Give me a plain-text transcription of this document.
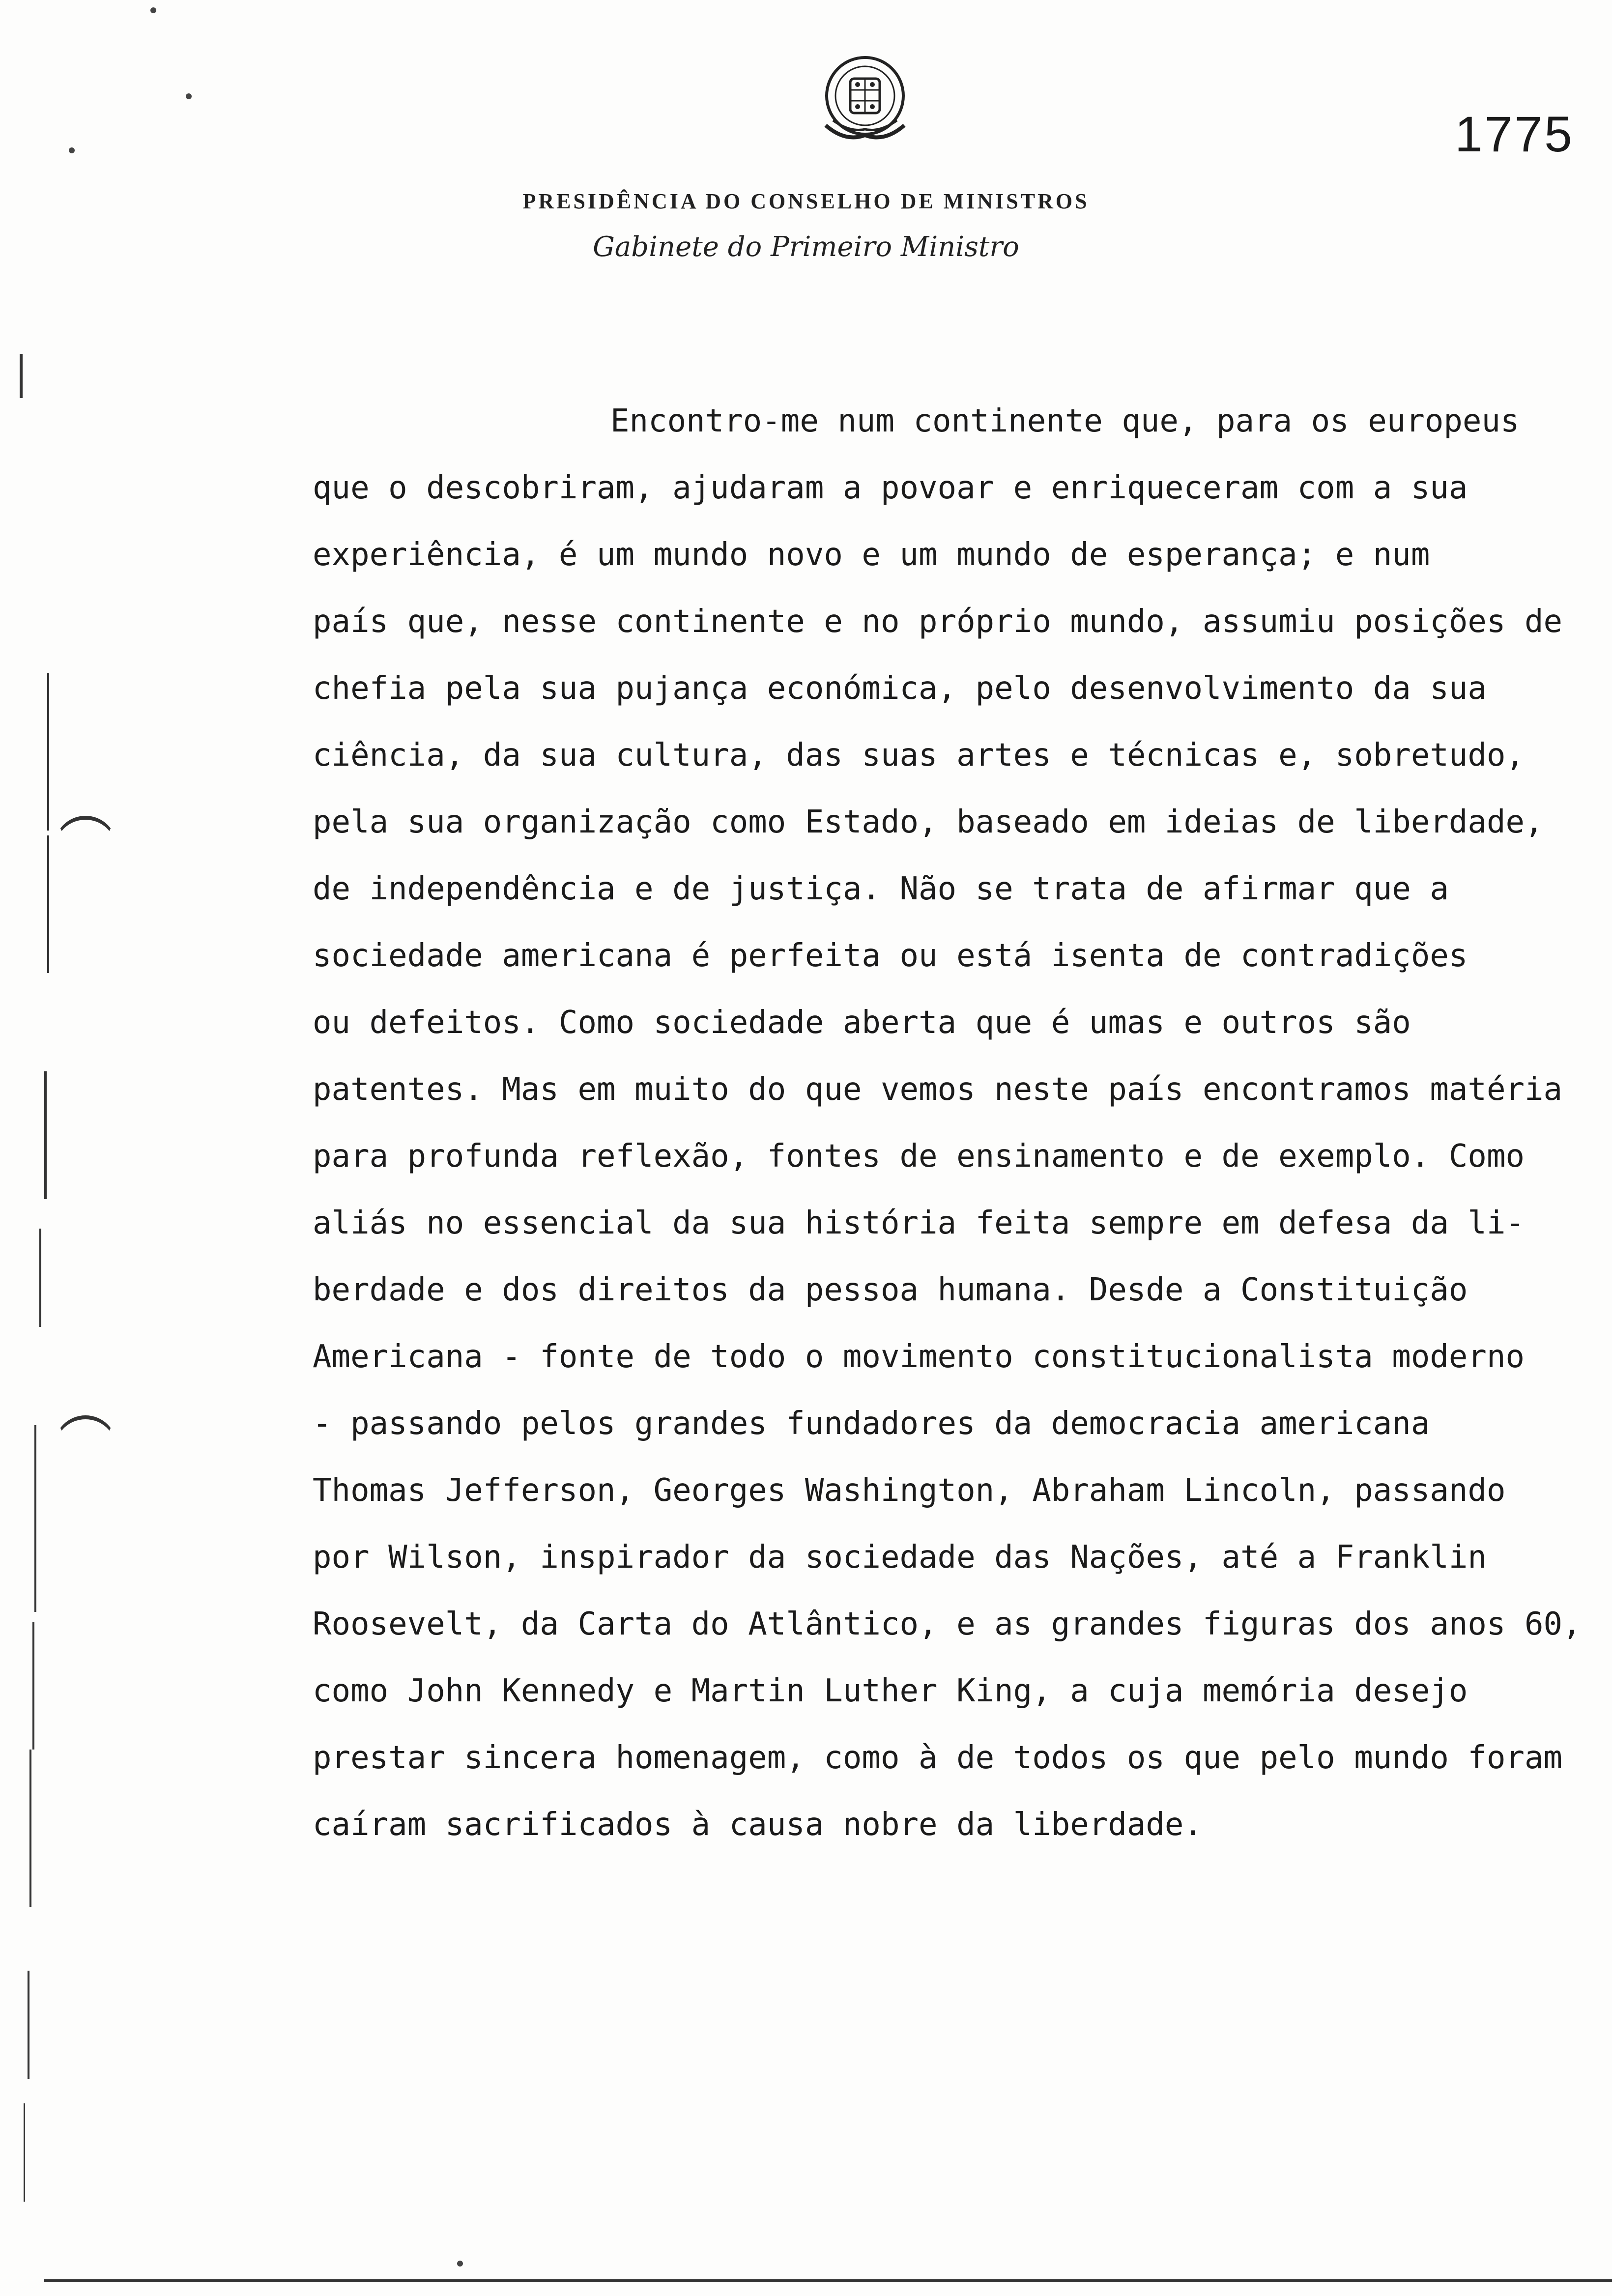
1775
PRESIDÊNCIA DO CONSELHO DE MINISTROS
Gabinete do Primeiro Ministro
Encontro-me num continente que, para os europeus
que o descobriram, ajudaram a povoar e enriqueceram com a sua
experiência, é um mundo novo e um mundo de esperança; e num
país que, nesse continente e no próprio mundo, assumiu posições de
chefia pela sua pujança económica, pelo desenvolvimento da sua
ciência, da sua cultura, das suas artes e técnicas e, sobretudo,
pela sua organização como Estado, baseado em ideias de liberdade,
de independência e de justiça. Não se trata de afirmar que a
sociedade americana é perfeita ou está isenta de contradições
ou defeitos. Como sociedade aberta que é umas e outros são
patentes. Mas em muito do que vemos neste país encontramos matéria
para profunda reflexão, fontes de ensinamento e de exemplo. Como
aliás no essencial da sua história feita sempre em defesa da li-
berdade e dos direitos da pessoa humana. Desde a Constituição
Americana - fonte de todo o movimento constitucionalista moderno
- passando pelos grandes fundadores da democracia americana
Thomas Jefferson, Georges Washington, Abraham Lincoln, passando
por Wilson, inspirador da sociedade das Nações, até a Franklin
Roosevelt, da Carta do Atlântico, e as grandes figuras dos anos 60,
como John Kennedy e Martin Luther King, a cuja memória desejo
prestar sincera homenagem, como à de todos os que pelo mundo foram
caíram sacrificados à causa nobre da liberdade.
